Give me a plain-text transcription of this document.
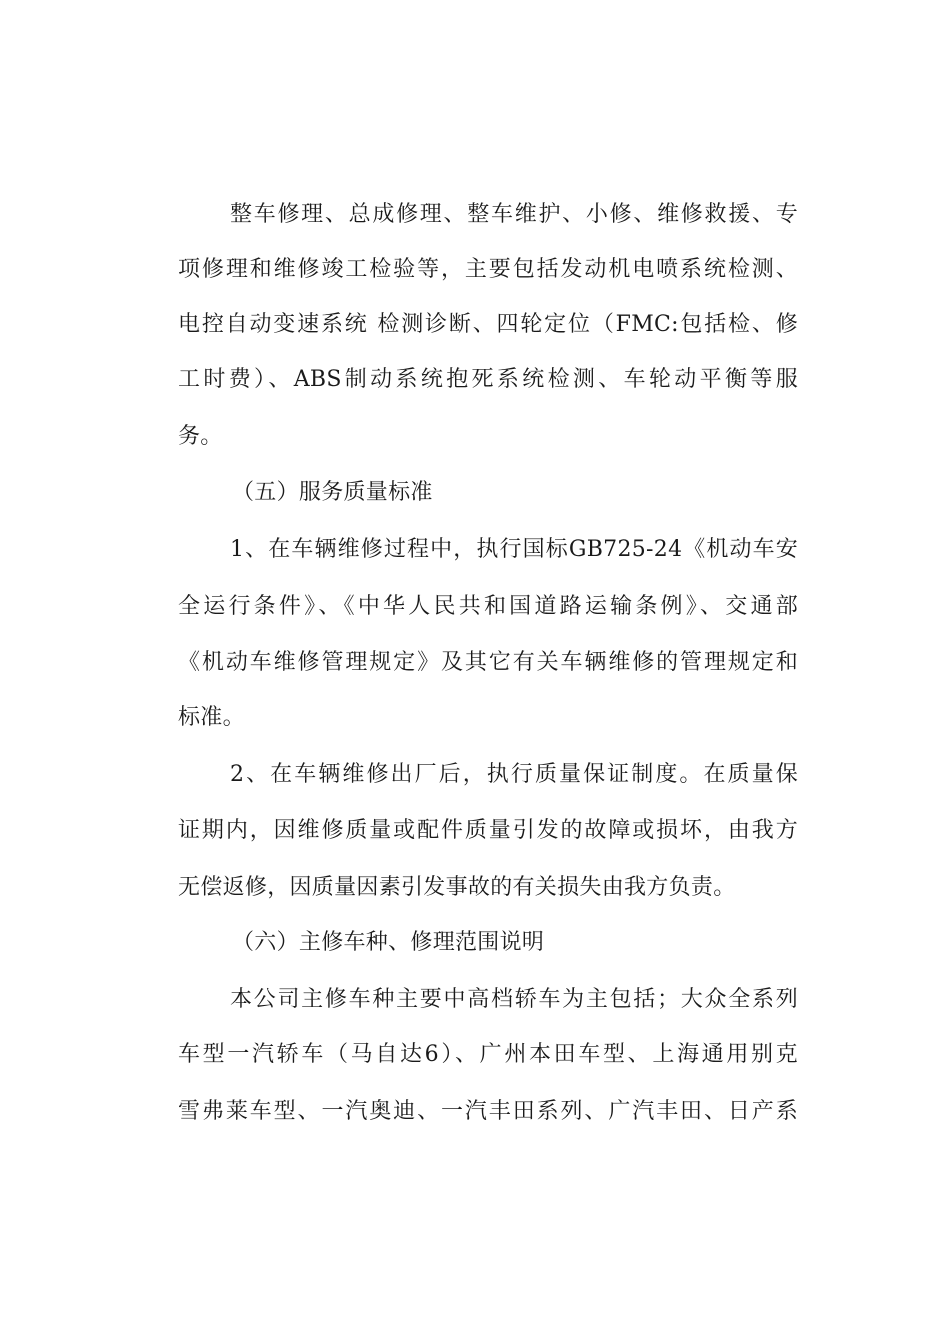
整车修理、总成修理、整车维护、小修、维修救援、专
项修理和维修竣工检验等，主要包括发动机电喷系统检测、
电控自动变速系统 检测诊断、四轮定位（FMC:包括检、修
工时费）、ABS制动系统抱死系统检测、车轮动平衡等服
务。
（五）服务质量标准
1、在车辆维修过程中，执行国标GB725-24《机动车安
全运行条件》、《中华人民共和国道路运输条例》、交通部
《机动车维修管理规定》及其它有关车辆维修的管理规定和
标准。
2、在车辆维修出厂后，执行质量保证制度。在质量保
证期内，因维修质量或配件质量引发的故障或损坏，由我方
无偿返修，因质量因素引发事故的有关损失由我方负责。
（六）主修车种、修理范围说明
本公司主修车种主要中高档轿车为主包括；大众全系列
车型一汽轿车（马自达6）、广州本田车型、上海通用别克
雪弗莱车型、一汽奥迪、一汽丰田系列、广汽丰田、日产系
